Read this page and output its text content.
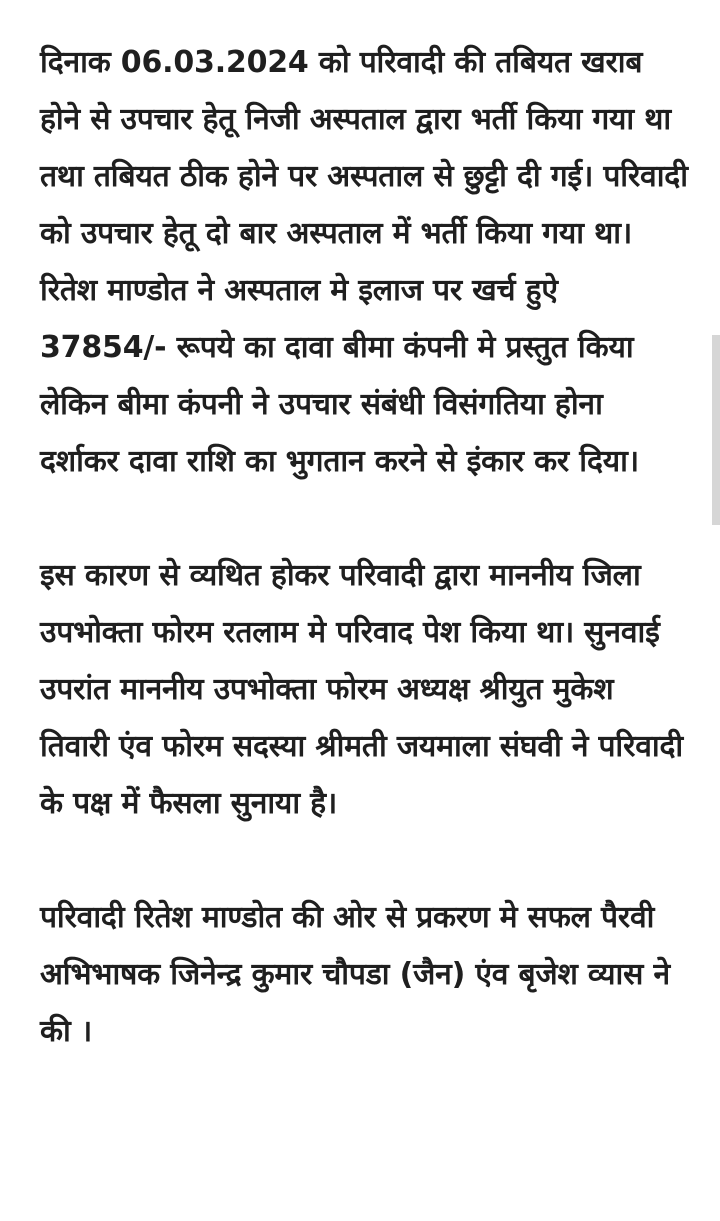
दिनाक 06.03.2024 को परिवादी की तबियत खराब होने से उपचार हेतू निजी अस्पताल द्वारा भर्ती किया गया था तथा तबियत ठीक होने पर अस्पताल से छुट्टी दी गई। परिवादी को उपचार हेतू दो बार अस्पताल में भर्ती किया गया था। रितेश माण्डोत ने अस्पताल मे इलाज पर खर्च हुऐ 37854/- रूपये का दावा बीमा कंपनी मे प्रस्तुत किया लेकिन बीमा कंपनी ने उपचार संबंधी विसंगतिया होना दर्शाकर दावा राशि का भुगतान करने से इंकार कर दिया।

इस कारण से व्यथित होकर परिवादी द्वारा माननीय जिला उपभोक्ता फोरम रतलाम मे परिवाद पेश किया था। सुनवाई उपरांत माननीय उपभोक्ता फोरम अध्यक्ष श्रीयुत मुकेश तिवारी एंव फोरम सदस्या श्रीमती जयमाला संघवी ने परिवादी के पक्ष में फैसला सुनाया है।

परिवादी रितेश माण्डोत की ओर से प्रकरण मे सफल पैरवी अभिभाषक जिनेन्द्र कुमार चौपडा (जैन) एंव बृजेश व्यास ने की ।
